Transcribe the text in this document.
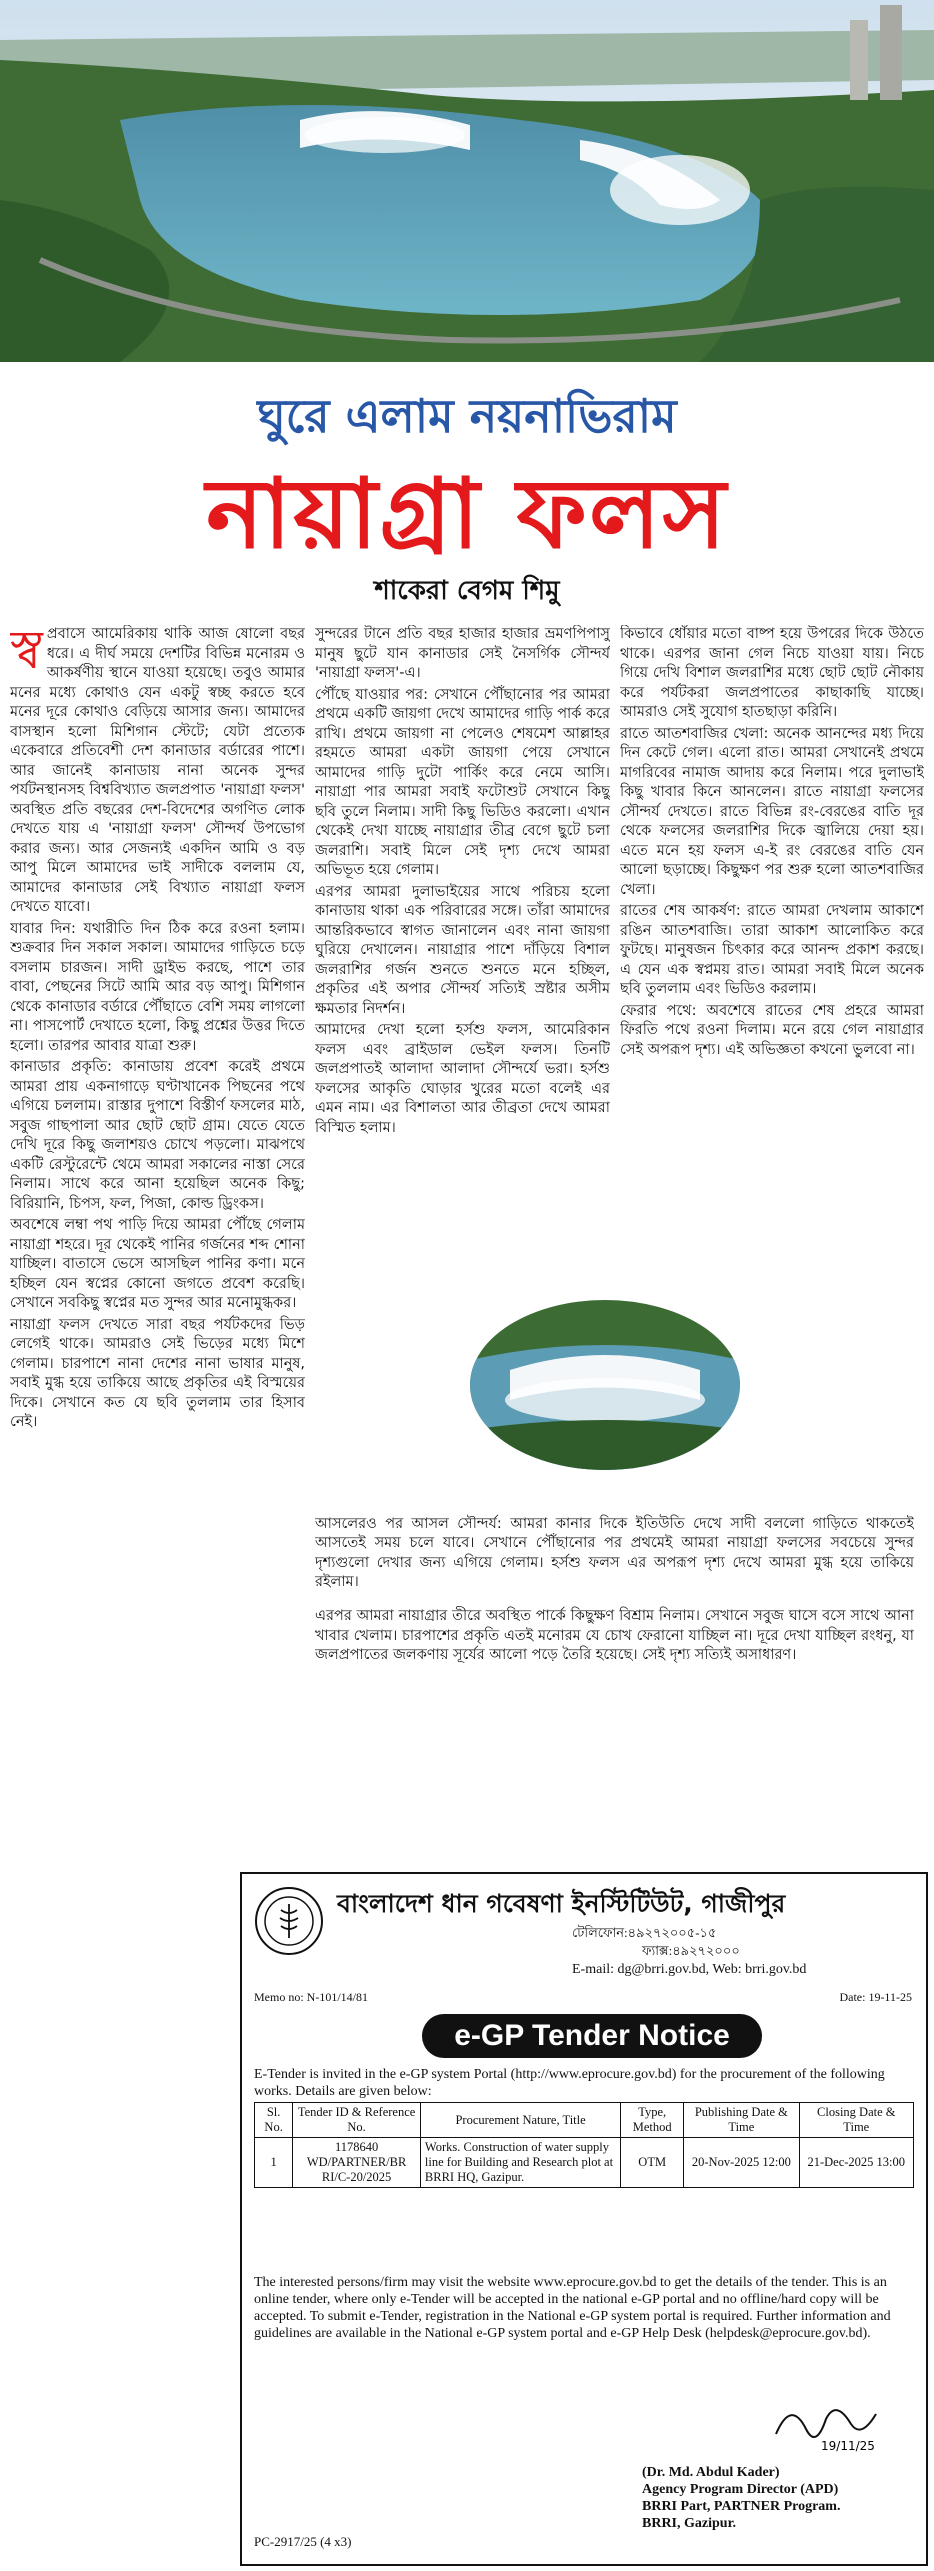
ঘুরে এলাম নয়নাভিরাম
নায়াগ্রা ফলস
শাকেরা বেগম শিমু
স্ব প্রবাসে আমেরিকায় থাকি আজ ষোলো বছর ধরে। এ দীর্ঘ সময়ে দেশটির বিভিন্ন মনোরম ও আকর্ষণীয় স্থানে যাওয়া হয়েছে। তবুও আমার মনের মধ্যে কোথাও যেন একটু স্বচ্ছ করতে হবে মনের দূরে কোথাও বেড়িয়ে আসার জন্য। আমাদের বাসস্থান হলো মিশিগান স্টেটে; যেটা প্রত্যেক একেবারে প্রতিবেশী দেশ কানাডার বর্ডারের পাশে। আর জানেই কানাডায় নানা অনেক সুন্দর পর্যটনস্থানসহ বিশ্ববিখ্যাত জলপ্রপাত 'নায়াগ্রা ফলস' অবস্থিত প্রতি বছরের দেশ-বিদেশের অগণিত লোক দেখতে যায় এ 'নায়াগ্রা ফলস' সৌন্দর্য উপভোগ করার জন্য। আর সেজন্যই একদিন আমি ও বড় আপু মিলে আমাদের ভাই সাদীকে বললাম যে, আমাদের কানাডার সেই বিখ্যাত নায়াগ্রা ফলস দেখতে যাবো।

যাবার দিন: যথারীতি দিন ঠিক করে রওনা হলাম। শুক্রবার দিন সকাল সকাল। আমাদের গাড়িতে চড়ে বসলাম চারজন। সাদী ড্রাইভ করছে, পাশে তার বাবা, পেছনের সিটে আমি আর বড় আপু। মিশিগান থেকে কানাডার বর্ডারে পৌঁছাতে বেশি সময় লাগলো না। পাসপোর্ট দেখাতে হলো, কিছু প্রশ্নের উত্তর দিতে হলো। তারপর আবার যাত্রা শুরু।

কানাডার প্রকৃতি: কানাডায় প্রবেশ করেই প্রথমে আমরা প্রায় একনাগাড়ে ঘণ্টাখানেক পিছনের পথে এগিয়ে চললাম। রাস্তার দুপাশে বিস্তীর্ণ ফসলের মাঠ, সবুজ গাছপালা আর ছোট ছোট গ্রাম। যেতে যেতে দেখি দূরে কিছু জলাশয়ও চোখে পড়লো। মাঝপথে একটি রেস্টুরেন্টে থেমে আমরা সকালের নাস্তা সেরে নিলাম। সাথে করে আনা হয়েছিল অনেক কিছু; বিরিয়ানি, চিপস, ফল, পিজা, কোল্ড ড্রিংকস।

অবশেষে লম্বা পথ পাড়ি দিয়ে আমরা পৌঁছে গেলাম নায়াগ্রা শহরে। দূর থেকেই পানির গর্জনের শব্দ শোনা যাচ্ছিল। বাতাসে ভেসে আসছিল পানির কণা। মনে হচ্ছিল যেন স্বপ্নের কোনো জগতে প্রবেশ করেছি। সেখানে সবকিছু স্বপ্নের মত সুন্দর আর মনোমুগ্ধকর।

নায়াগ্রা ফলস দেখতে সারা বছর পর্যটকদের ভিড় লেগেই থাকে। আমরাও সেই ভিড়ের মধ্যে মিশে গেলাম। চারপাশে নানা দেশের নানা ভাষার মানুষ, সবাই মুগ্ধ হয়ে তাকিয়ে আছে প্রকৃতির এই বিস্ময়ের দিকে। সেখানে কত যে ছবি তুললাম তার হিসাব নেই।

সুন্দরের টানে প্রতি বছর হাজার হাজার ভ্রমণপিপাসু মানুষ ছুটে যান কানাডার সেই নৈসর্গিক সৌন্দর্য 'নায়াগ্রা ফলস'-এ।

পৌঁছে যাওয়ার পর: সেখানে পৌঁছানোর পর আমরা প্রথমে একটি জায়গা দেখে আমাদের গাড়ি পার্ক করে রাখি। প্রথমে জায়গা না পেলেও শেষমেশ আল্লাহর রহমতে আমরা একটা জায়গা পেয়ে সেখানে আমাদের গাড়ি দুটো পার্কিং করে নেমে আসি। নায়াগ্রা পার আমরা সবাই ফটোশুট সেখানে কিছু ছবি তুলে নিলাম। সাদী কিছু ভিডিও করলো। এখান থেকেই দেখা যাচ্ছে নায়াগ্রার তীব্র বেগে ছুটে চলা জলরাশি। সবাই মিলে সেই দৃশ্য দেখে আমরা অভিভূত হয়ে গেলাম।

এরপর আমরা দুলাভাইয়ের সাথে পরিচয় হলো কানাডায় থাকা এক পরিবারের সঙ্গে। তাঁরা আমাদের আন্তরিকভাবে স্বাগত জানালেন এবং নানা জায়গা ঘুরিয়ে দেখালেন। নায়াগ্রার পাশে দাঁড়িয়ে বিশাল জলরাশির গর্জন শুনতে শুনতে মনে হচ্ছিল, প্রকৃতির এই অপার সৌন্দর্য সত্যিই স্রষ্টার অসীম ক্ষমতার নিদর্শন।

আমাদের দেখা হলো হর্সশু ফলস, আমেরিকান ফলস এবং ব্রাইডাল ভেইল ফলস। তিনটি জলপ্রপাতই আলাদা আলাদা সৌন্দর্যে ভরা। হর্সশু ফলসের আকৃতি ঘোড়ার খুরের মতো বলেই এর এমন নাম। এর বিশালতা আর তীব্রতা দেখে আমরা বিস্মিত হলাম।

কিভাবে ধোঁয়ার মতো বাষ্প হয়ে উপরের দিকে উঠতে থাকে। এরপর জানা গেল নিচে যাওয়া যায়। নিচে গিয়ে দেখি বিশাল জলরাশির মধ্যে ছোট ছোট নৌকায় করে পর্যটকরা জলপ্রপাতের কাছাকাছি যাচ্ছে। আমরাও সেই সুযোগ হাতছাড়া করিনি।

রাতে আতশবাজির খেলা: অনেক আনন্দের মধ্য দিয়ে দিন কেটে গেল। এলো রাত। আমরা সেখানেই প্রথমে মাগরিবের নামাজ আদায় করে নিলাম। পরে দুলাভাই কিছু খাবার কিনে আনলেন। রাতে নায়াগ্রা ফলসের সৌন্দর্য দেখতে। রাতে বিভিন্ন রং-বেরঙের বাতি দূর থেকে ফলসের জলরাশির দিকে জ্বালিয়ে দেয়া হয়। এতে মনে হয় ফলস এ-ই রং বেরঙের বাতি যেন আলো ছড়াচ্ছে। কিছুক্ষণ পর শুরু হলো আতশবাজির খেলা।

রাতের শেষ আকর্ষণ: রাতে আমরা দেখলাম আকাশে রঙিন আতশবাজি। তারা আকাশ আলোকিত করে ফুটছে। মানুষজন চিৎকার করে আনন্দ প্রকাশ করছে। এ যেন এক স্বপ্নময় রাত। আমরা সবাই মিলে অনেক ছবি তুললাম এবং ভিডিও করলাম।

ফেরার পথে: অবশেষে রাতের শেষ প্রহরে আমরা ফিরতি পথে রওনা দিলাম। মনে রয়ে গেল নায়াগ্রার সেই অপরূপ দৃশ্য। এই অভিজ্ঞতা কখনো ভুলবো না।

আসলেরও পর আসল সৌন্দর্য: আমরা কানার দিকে ইতিউতি দেখে সাদী বললো গাড়িতে থাকতেই আসতেই সময় চলে যাবে। সেখানে পৌঁছানোর পর প্রথমেই আমরা নায়াগ্রা ফলসের সবচেয়ে সুন্দর দৃশ্যগুলো দেখার জন্য এগিয়ে গেলাম। হর্সশু ফলস এর অপরূপ দৃশ্য দেখে আমরা মুগ্ধ হয়ে তাকিয়ে রইলাম।

এরপর আমরা নায়াগ্রার তীরে অবস্থিত পার্কে কিছুক্ষণ বিশ্রাম নিলাম। সেখানে সবুজ ঘাসে বসে সাথে আনা খাবার খেলাম। চারপাশের প্রকৃতি এতই মনোরম যে চোখ ফেরানো যাচ্ছিল না। দূরে দেখা যাচ্ছিল রংধনু, যা জলপ্রপাতের জলকণায় সূর্যের আলো পড়ে তৈরি হয়েছে। সেই দৃশ্য সত্যিই অসাধারণ।

বাংলাদেশ ধান গবেষণা ইনস্টিটিউট, গাজীপুর
টেলিফোন:৪৯২৭২০০৫-১৫
ফ্যাক্স:৪৯২৭২০০০
E-mail: dg@brri.gov.bd, Web: brri.gov.bd
Memo no: N-101/14/81	Date: 19-11-25
e-GP Tender Notice
E-Tender is invited in the e-GP system Portal (http://www.eprocure.gov.bd) for the procurement of the following works. Details are given below:
Sl. No.	Tender ID & Reference No.	Procurement Nature, Title	Type, Method	Publishing Date & Time	Closing Date & Time
1	1178640 WD/PARTNER/BR RI/C-20/2025	Works. Construction of water supply line for Building and Research plot at BRRI HQ, Gazipur.	OTM	20-Nov-2025 12:00	21-Dec-2025 13:00
The interested persons/firm may visit the website www.eprocure.gov.bd to get the details of the tender. This is an online tender, where only e-Tender will be accepted in the national e-GP portal and no offline/hard copy will be accepted. To submit e-Tender, registration in the National e-GP system portal is required. Further information and guidelines are available in the National e-GP system portal and e-GP Help Desk (helpdesk@eprocure.gov.bd).
19/11/25
(Dr. Md. Abdul Kader)
Agency Program Director (APD)
BRRI Part, PARTNER Program.
BRRI, Gazipur.
PC-2917/25 (4 x3)
